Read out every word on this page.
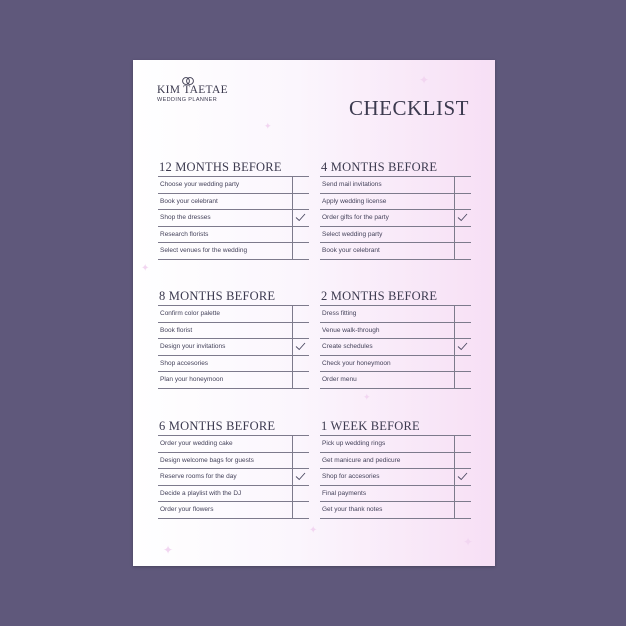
✦
✦
✦
✦
✦
✦
✦
KIM TAETAE
WEDDING PLANNER	CHECKLIST
12 MONTHS BEFORE
Choose your wedding party
Book your celebrant
Shop the dresses
Research florists
Select venues for the wedding
4 MONTHS BEFORE
Send mail invitations
Apply wedding license
Order gifts for the party
Select wedding party
Book your celebrant
8 MONTHS BEFORE
Confirm color palette
Book florist
Design your invitations
Shop accesories
Plan your honeymoon
2 MONTHS BEFORE
Dress fitting
Venue walk-through
Create schedules
Check your honeymoon
Order menu
6 MONTHS BEFORE
Order your wedding cake
Design welcome bags for guests
Reserve rooms for the day
Decide a playlist with the DJ
Order your flowers
1 WEEK BEFORE
Pick up wedding rings
Get manicure and pedicure
Shop for accesories
Final payments
Get your thank notes
